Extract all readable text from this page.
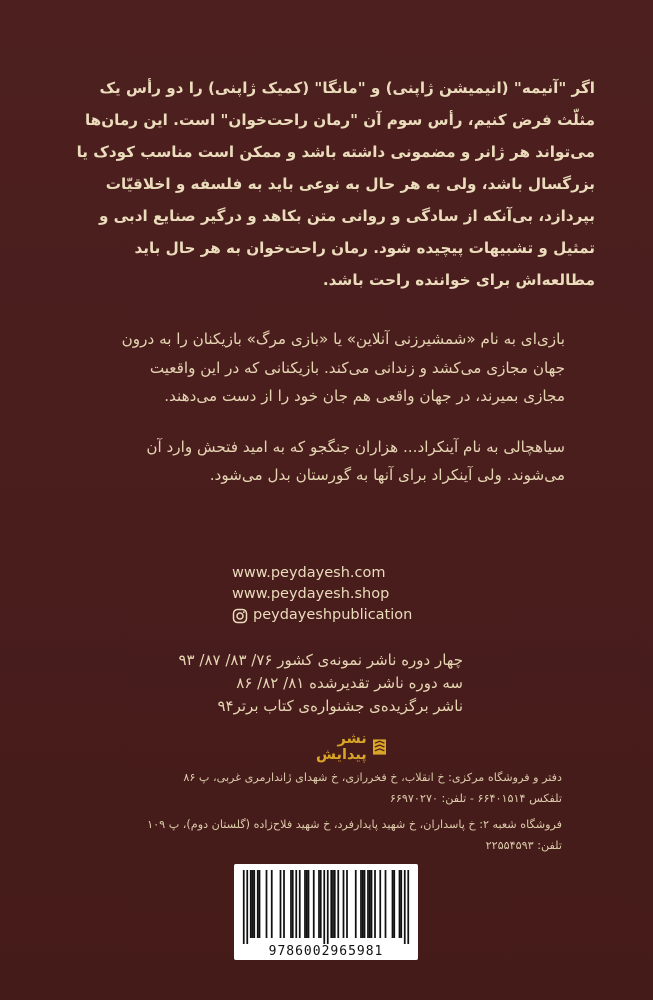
اگر "آنیمه" (انیمیشن ژاپنی) و "مانگا" (کمیک ژاپنی) را دو رأس یک مثلّث فرض کنیم، رأس سوم آن "رمان راحت‌خوان" است. این رمان‌ها می‌تواند هر ژانر و مضمونی داشته باشد و ممکن است مناسب کودک یا بزرگسال باشد، ولی به هر حال به نوعی باید به فلسفه و اخلاقیّات بپردازد، بی‌آنکه از سادگی و روانی متن بکاهد و درگیر صنایع ادبی و تمثیل و تشبیهات پیچیده شود. رمان راحت‌خوان به هر حال باید مطالعه‌اش برای خواننده راحت باشد.

بازی‌ای به نام «شمشیرزنی آنلاین» یا «بازی مرگ» بازیکنان را به درون جهان مجازی می‌کشد و زندانی می‌کند. بازیکنانی که در این واقعیت مجازی بمیرند، در جهان واقعی هم جان خود را از دست می‌دهند.

سیاهچالی به نام آینکراد... هزاران جنگجو که به امید فتحش وارد آن می‌شوند. ولی آینکراد برای آنها به گورستان بدل می‌شود.

www.peydayesh.com
www.peydayesh.shop
peydayeshpublication
چهار دوره ناشر نمونه‌ی کشور ۷۶/ ۸۳/ ۸۷/ ۹۳
سه دوره ناشر تقدیرشده ۸۱/ ۸۲/ ۸۶
ناشر برگزیده‌ی جشنواره‌ی کتاب برتر۹۴
نشر پیدایش
دفتر و فروشگاه مرکزی: خ انقلاب، خ فخررازی، خ شهدای ژاندارمری غربی، پ ۸۶
تلفکس ۶۶۴۰۱۵۱۴ - تلفن: ۶۶۹۷۰۲۷۰
فروشگاه شعبه ۲: خ پاسداران، خ شهید پایدارفرد، خ شهید فلاح‌زاده (گلستان دوم)، پ ۱۰۹
تلفن: ۲۲۵۵۴۵۹۳
9786002965981
